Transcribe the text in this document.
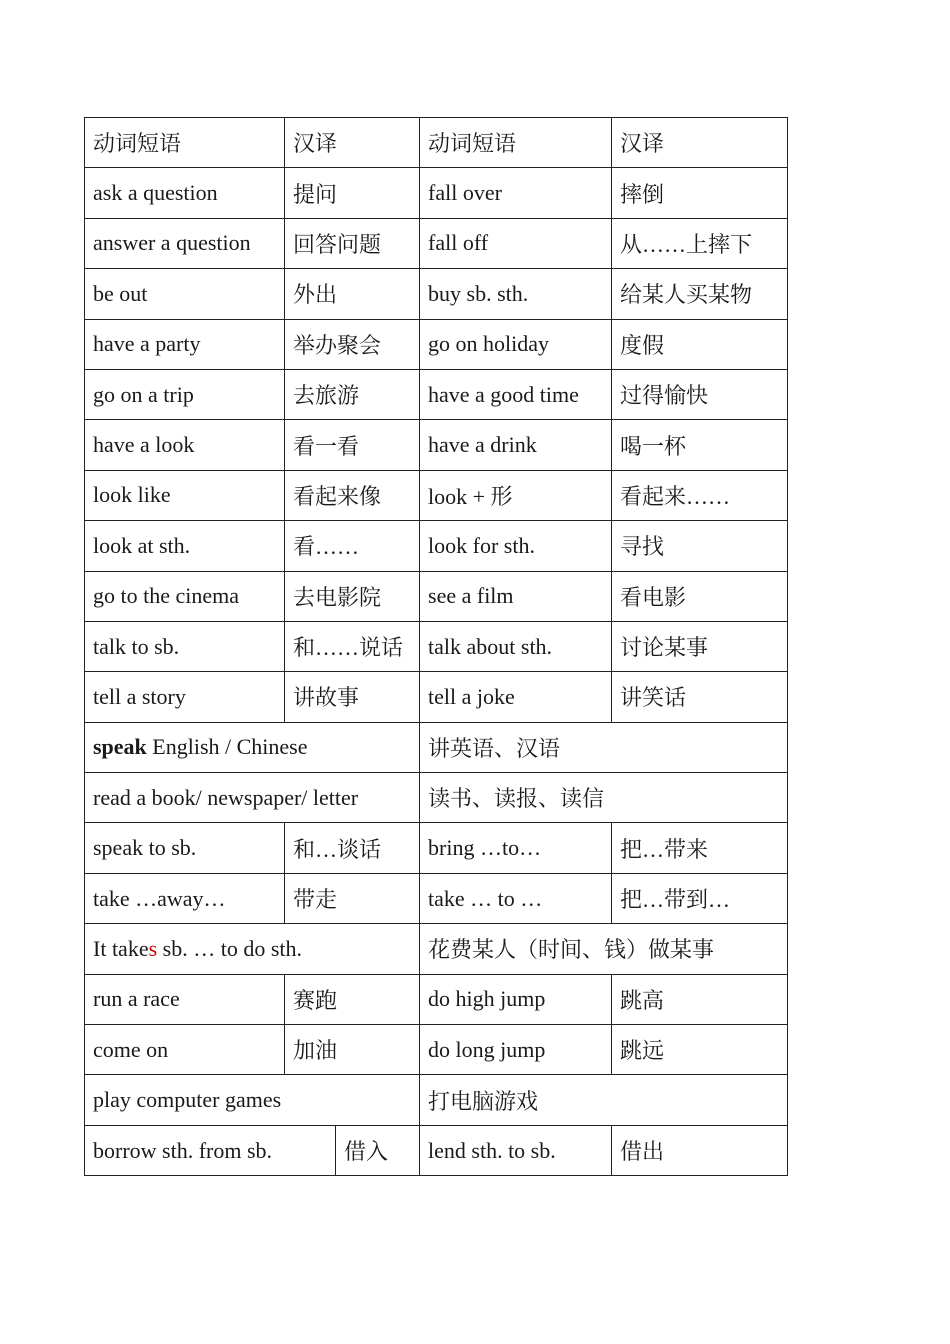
动词短语	汉译		动词短语	汉译
ask a question	提问		fall over	摔倒
answer a question	回答问题		fall off	从……上摔下
be out	外出		buy sb. sth.	给某人买某物
have a party	举办聚会		go on holiday	度假
go on a trip	去旅游		have a good time	过得愉快
have a look	看一看		have a drink	喝一杯
look like	看起来像		look + 形	看起来……
look at sth.	看……		look for sth.	寻找
go to the cinema	去电影院		see a film	看电影
talk to sb.	和……说话		talk about sth.	讨论某事
tell a story	讲故事		tell a joke	讲笑话
speak English / Chinese			讲英语、汉语	
read a book/ newspaper/ letter			读书、读报、读信	
speak to sb.	和…谈话		bring …to…	把…带来
take …away…	带走		take … to …	把…带到…
It takes sb. … to do sth.			花费某人（时间、钱）做某事	
run a race	赛跑		do high jump	跳高
come on	加油		do long jump	跳远
play computer games			打电脑游戏	
borrow sth. from sb.		借入	lend sth. to sb.	借出
